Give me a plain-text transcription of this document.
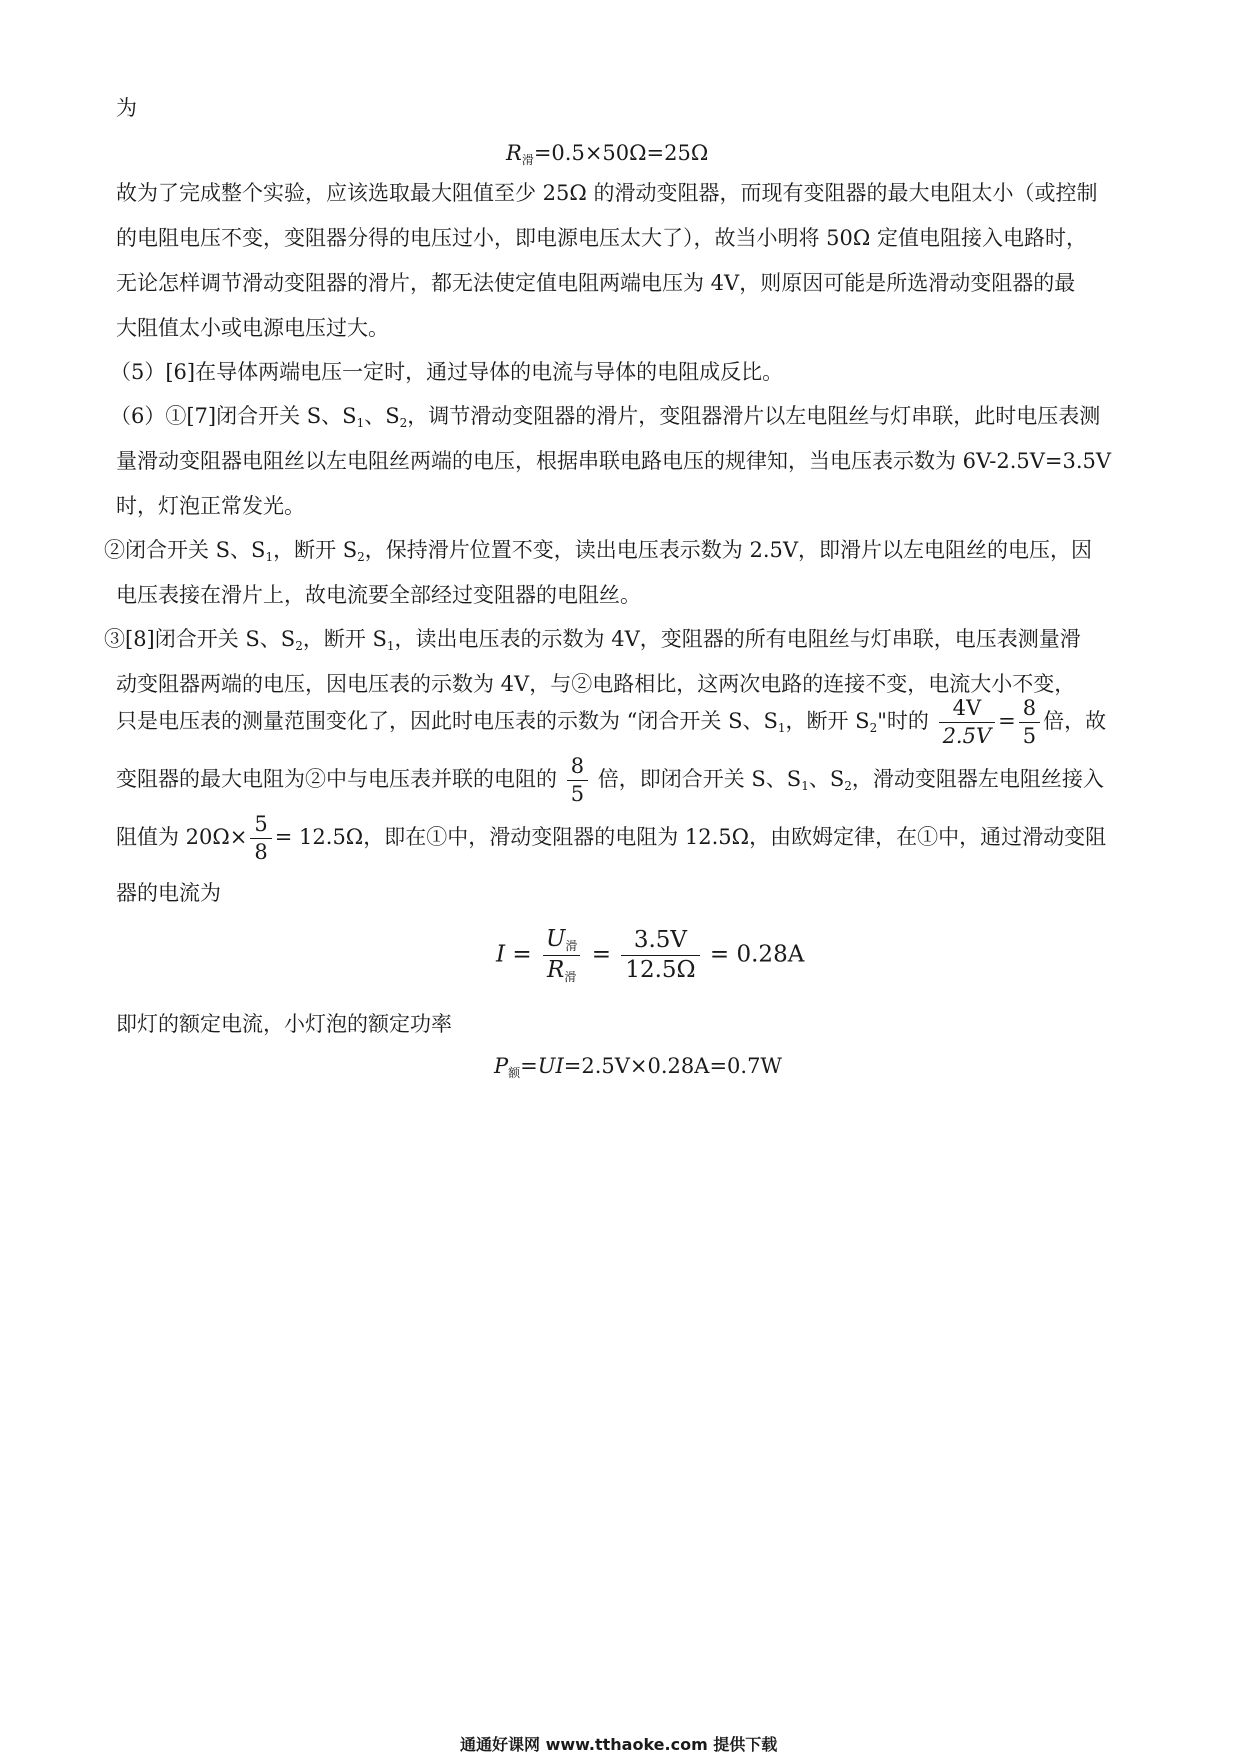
为
$R_滑=0.5\times 50\Omega=25\Omega$
故为了完成整个实验，应该选取最大阻值至少 25Ω 的滑动变阻器，而现有变阻器的最大电阻太小（或控制
的电阻电压不变，变阻器分得的电压过小，即电源电压太大了），故当小明将 50Ω 定值电阻接入电路时，
无论怎样调节滑动变阻器的滑片，都无法使定值电阻两端电压为 4V，则原因可能是所选滑动变阻器的最
大阻值太小或电源电压过大。
（5）[6]在导体两端电压一定时，通过导体的电流与导体的电阻成反比。
（6）①[7]闭合开关 S、$S_1$、$S_2$，调节滑动变阻器的滑片，变阻器滑片以左电阻丝与灯串联，此时电压表测
量滑动变阻器电阻丝以左电阻丝两端的电压，根据串联电路电压的规律知，当电压表示数为 6V-2.5V=3.5V
时，灯泡正常发光。
②闭合开关 S、$S_1$，断开 $S_2$，保持滑片位置不变，读出电压表示数为 2.5V，即滑片以左电阻丝的电压，因
电压表接在滑片上，故电流要全部经过变阻器的电阻丝。
③[8]闭合开关 S、$S_2$，断开 $S_1$，读出电压表的示数为 4V，变阻器的所有电阻丝与灯串联，电压表测量滑
动变阻器两端的电压，因电压表的示数为 4V，与②电路相比，这两次电路的连接不变，电流大小不变，
只是电压表的测量范围变化了，因此时电压表的示数为 “闭合开关 S、$S_1$，断开 $S_2$"时的 $\frac{4V}{2.5V} = \frac{8}{5}$ 倍，故
变阻器的最大电阻为②中与电压表并联的电阻的 $\frac{8}{5}$ 倍，即闭合开关 S、$S_1$、$S_2$，滑动变阻器左电阻丝接入
阻值为 $20\Omega\times \frac{5}{8} = 12.5\Omega$，即在①中，滑动变阻器的电阻为 12.5Ω，由欧姆定律，在①中，通过滑动变阻
器的电流为
$I = \frac{U_滑}{R_滑} = \frac{3.5V}{12.5\Omega} = 0.28A$
即灯的额定电流，小灯泡的额定功率
$P_额=UI=2.5V\times 0.28A=0.7W$
通通好课网 www.tthaoke.com 提供下载
